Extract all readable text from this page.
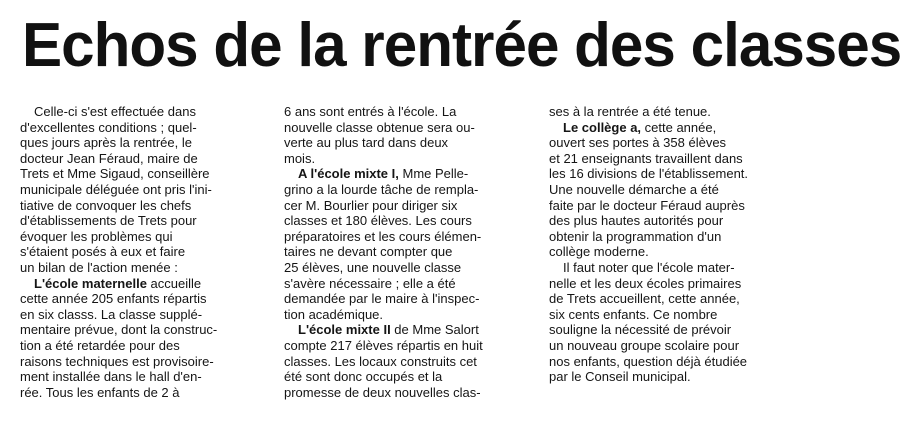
Echos de la rentrée des classes

Celle-ci s'est effectuée dans

d'excellentes conditions ; quel-

ques jours après la rentrée, le

docteur Jean Féraud, maire de

Trets et Mme Sigaud, conseillère

municipale déléguée ont pris l'ini-

tiative de convoquer les chefs

d'établissements de Trets pour

évoquer les problèmes qui

s'étaient posés à eux et faire

un bilan de l'action menée :

L'école maternelle accueille

cette année 205 enfants répartis

en six classs. La classe supplé-

mentaire prévue, dont la construc-

tion a été retardée pour des

raisons techniques est provisoire-

ment installée dans le hall d'en-

rée. Tous les enfants de 2 à

6 ans sont entrés à l'école. La

nouvelle classe obtenue sera ou-

verte au plus tard dans deux

mois.

A l'école mixte I, Mme Pelle-

grino a la lourde tâche de rempla-

cer M. Bourlier pour diriger six

classes et 180 élèves. Les cours

préparatoires et les cours élémen-

taires ne devant compter que

25 élèves, une nouvelle classe

s'avère nécessaire ; elle a été

demandée par le maire à l'inspec-

tion académique.

L'école mixte II de Mme Salort

compte 217 élèves répartis en huit

classes. Les locaux construits cet

été sont donc occupés et la

promesse de deux nouvelles clas-

ses à la rentrée a été tenue.

Le collège a, cette année,

ouvert ses portes à 358 élèves

et 21 enseignants travaillent dans

les 16 divisions de l'établissement.

Une nouvelle démarche a été

faite par le docteur Féraud auprès

des plus hautes autorités pour

obtenir la programmation d'un

collège moderne.

Il faut noter que l'école mater-

nelle et les deux écoles primaires

de Trets accueillent, cette année,

six cents enfants. Ce nombre

souligne la nécessité de prévoir

un nouveau groupe scolaire pour

nos enfants, question déjà étudiée

par le Conseil municipal.
